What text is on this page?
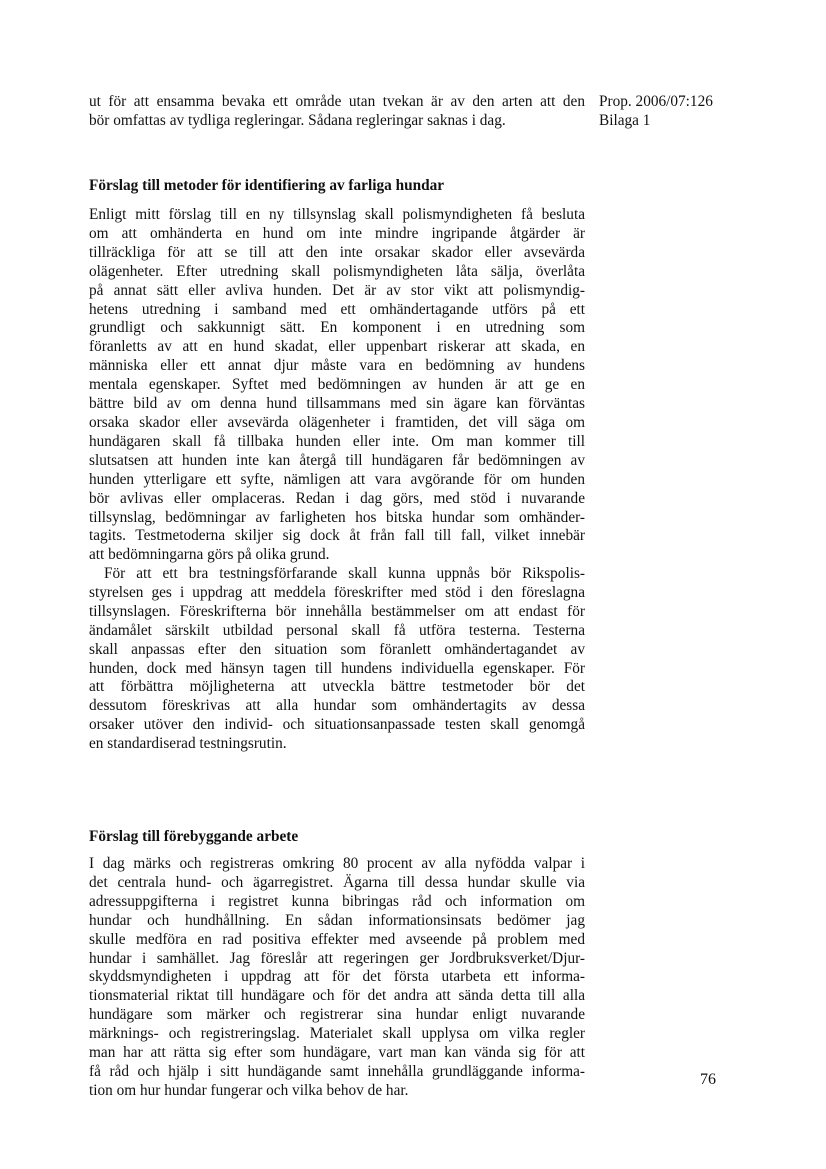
Prop. 2006/07:126
Bilaga 1
ut för att ensamma bevaka ett område utan tvekan är av den arten att den
bör omfattas av tydliga regleringar. Sådana regleringar saknas i dag.
Förslag till metoder för identifiering av farliga hundar
Enligt mitt förslag till en ny tillsynslag skall polismyndigheten få besluta
om att omhänderta en hund om inte mindre ingripande åtgärder är
tillräckliga för att se till att den inte orsakar skador eller avsevärda
olägenheter. Efter utredning skall polismyndigheten låta sälja, överlåta
på annat sätt eller avliva hunden. Det är av stor vikt att polismyndig-
hetens utredning i samband med ett omhändertagande utförs på ett
grundligt och sakkunnigt sätt. En komponent i en utredning som
föranletts av att en hund skadat, eller uppenbart riskerar att skada, en
människa eller ett annat djur måste vara en bedömning av hundens
mentala egenskaper. Syftet med bedömningen av hunden är att ge en
bättre bild av om denna hund tillsammans med sin ägare kan förväntas
orsaka skador eller avsevärda olägenheter i framtiden, det vill säga om
hundägaren skall få tillbaka hunden eller inte. Om man kommer till
slutsatsen att hunden inte kan återgå till hundägaren får bedömningen av
hunden ytterligare ett syfte, nämligen att vara avgörande för om hunden
bör avlivas eller omplaceras. Redan i dag görs, med stöd i nuvarande
tillsynslag, bedömningar av farligheten hos bitska hundar som omhänder-
tagits. Testmetoderna skiljer sig dock åt från fall till fall, vilket innebär
att bedömningarna görs på olika grund.
För att ett bra testningsförfarande skall kunna uppnås bör Rikspolis-
styrelsen ges i uppdrag att meddela föreskrifter med stöd i den föreslagna
tillsynslagen. Föreskrifterna bör innehålla bestämmelser om att endast för
ändamålet särskilt utbildad personal skall få utföra testerna. Testerna
skall anpassas efter den situation som föranlett omhändertagandet av
hunden, dock med hänsyn tagen till hundens individuella egenskaper. För
att förbättra möjligheterna att utveckla bättre testmetoder bör det
dessutom föreskrivas att alla hundar som omhändertagits av dessa
orsaker utöver den individ- och situationsanpassade testen skall genomgå
en standardiserad testningsrutin.
Förslag till förebyggande arbete
I dag märks och registreras omkring 80 procent av alla nyfödda valpar i
det centrala hund- och ägarregistret. Ägarna till dessa hundar skulle via
adressuppgifterna i registret kunna bibringas råd och information om
hundar och hundhållning. En sådan informationsinsats bedömer jag
skulle medföra en rad positiva effekter med avseende på problem med
hundar i samhället. Jag föreslår att regeringen ger Jordbruksverket/Djur-
skyddsmyndigheten i uppdrag att för det första utarbeta ett informa-
tionsmaterial riktat till hundägare och för det andra att sända detta till alla
hundägare som märker och registrerar sina hundar enligt nuvarande
märknings- och registreringslag. Materialet skall upplysa om vilka regler
man har att rätta sig efter som hundägare, vart man kan vända sig för att
få råd och hjälp i sitt hundägande samt innehålla grundläggande informa-
tion om hur hundar fungerar och vilka behov de har.
76
